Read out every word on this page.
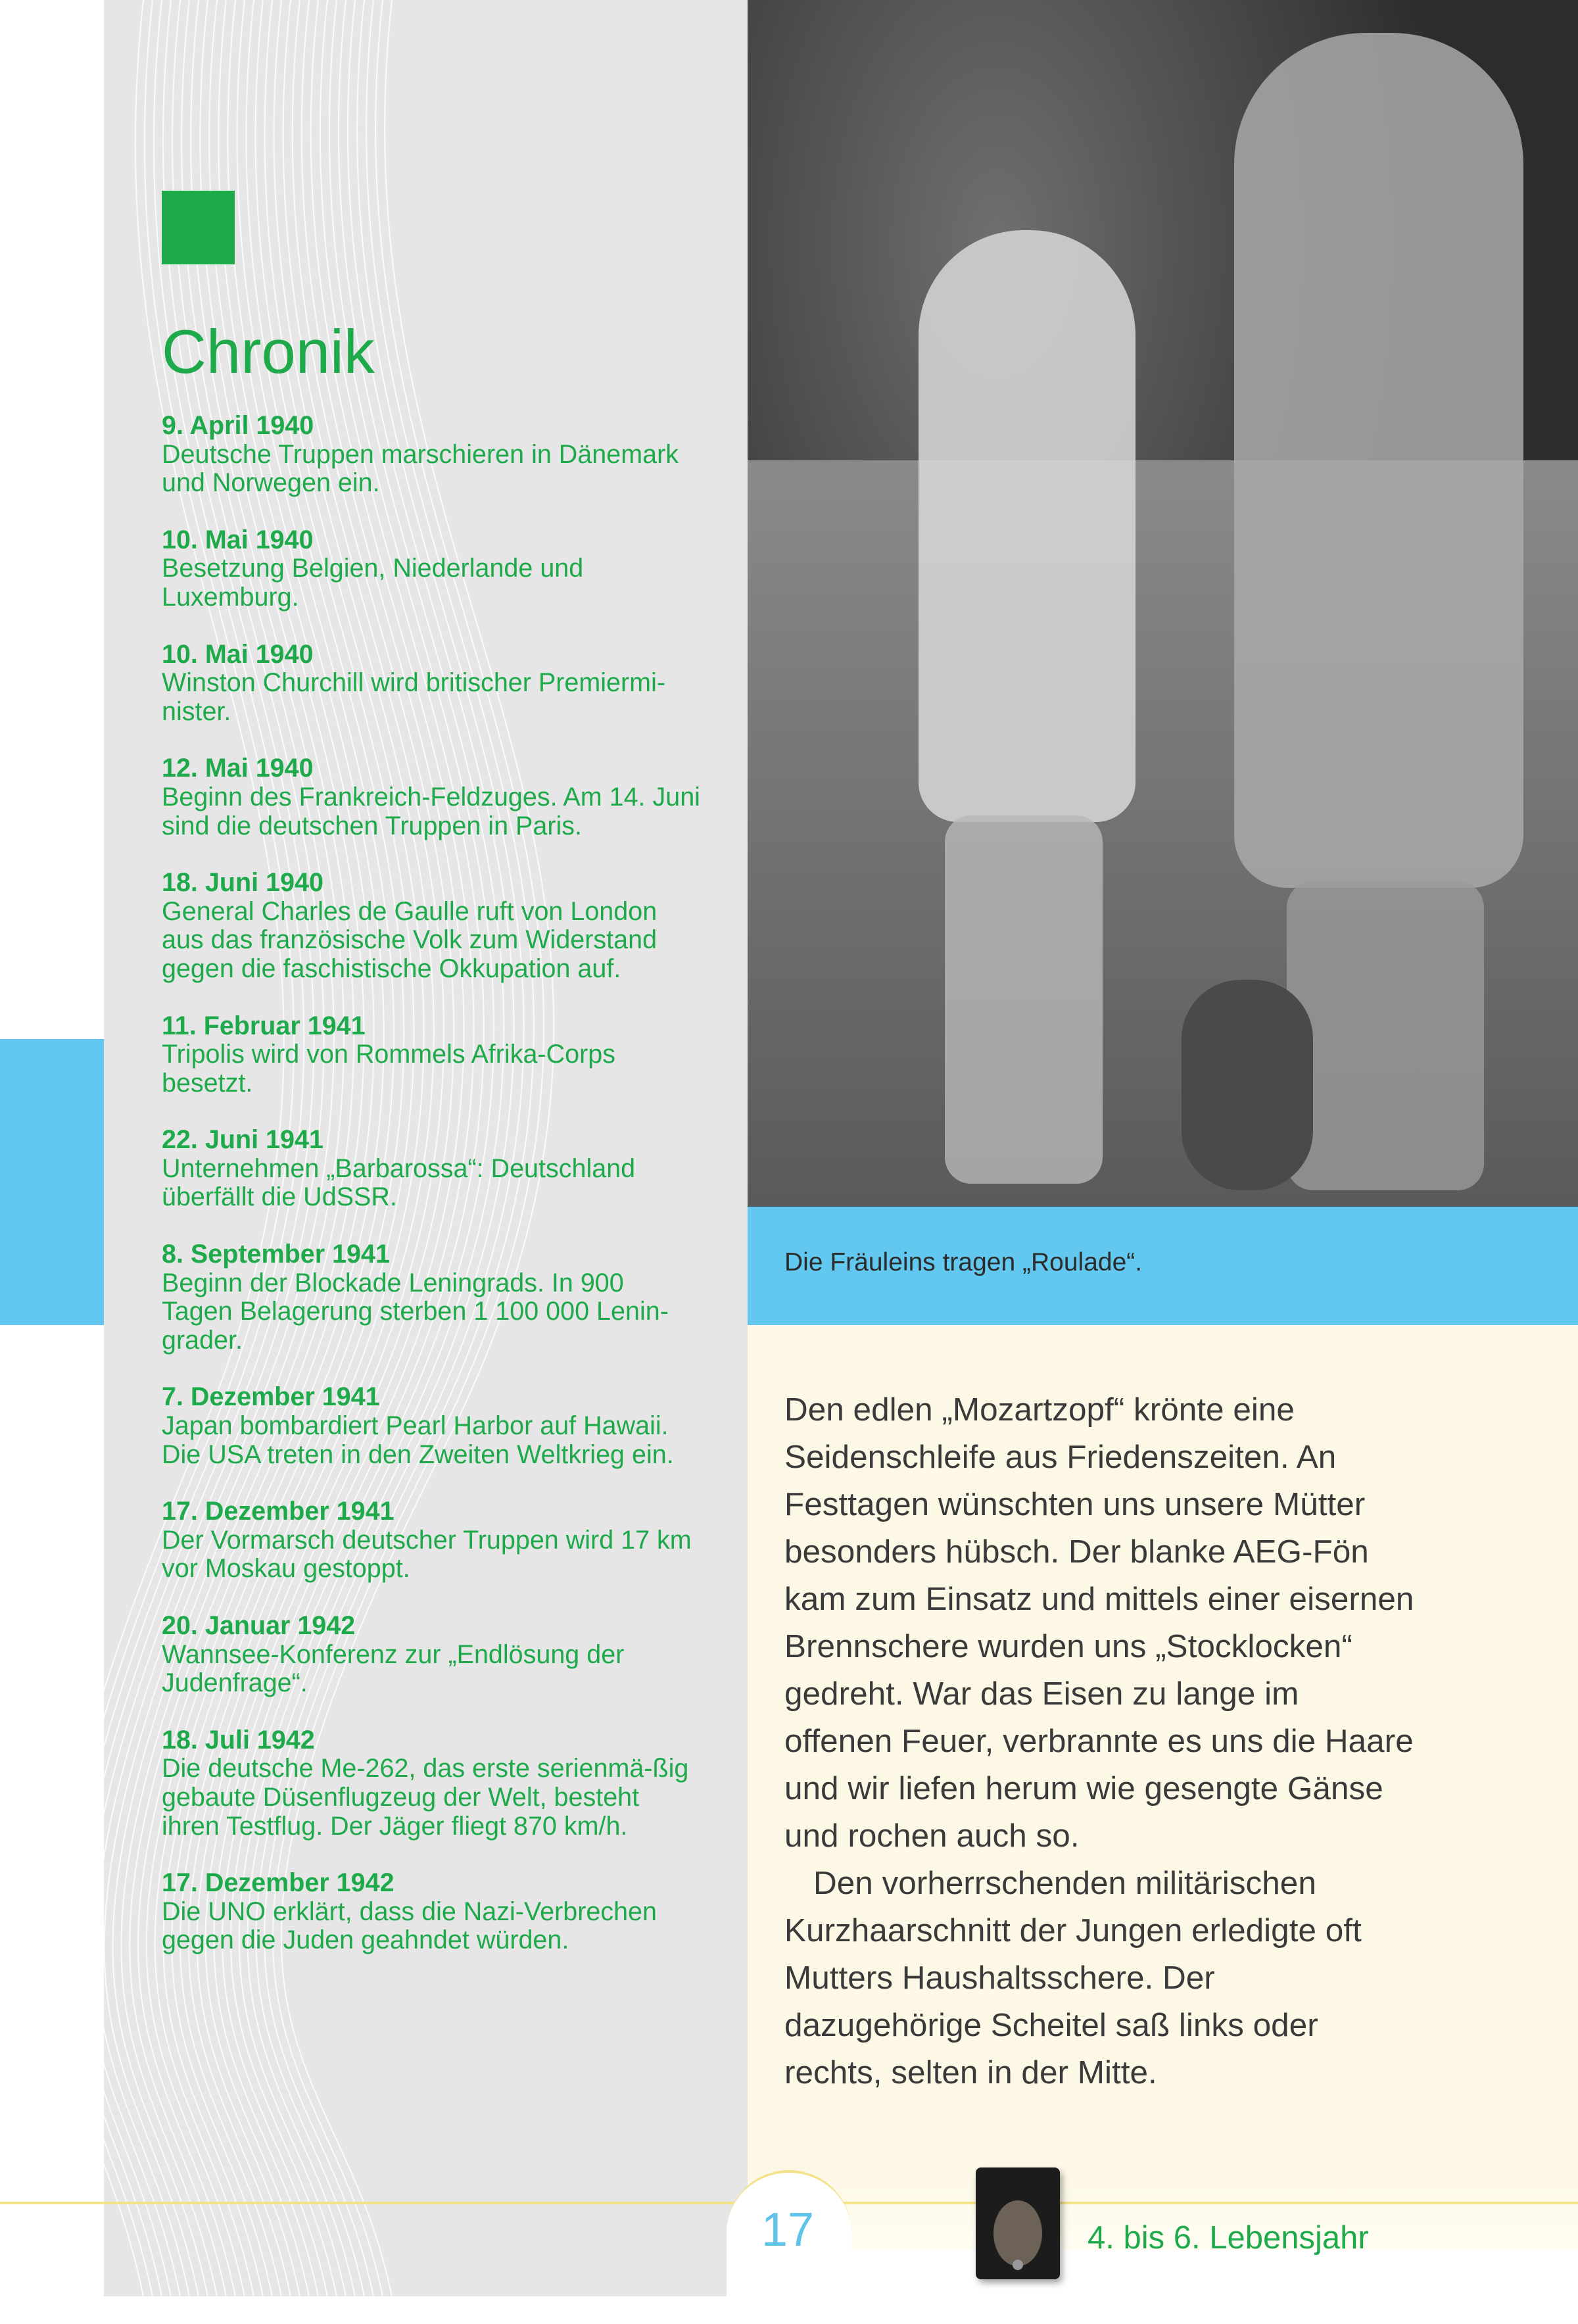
Chronik
9. April 1940
Deutsche Truppen marschieren in Dänemark und Norwegen ein.
10. Mai 1940
Besetzung Belgien, Niederlande und Luxemburg.
10. Mai 1940
Winston Churchill wird britischer Premiermi-nister.
12. Mai 1940
Beginn des Frankreich-Feldzuges. Am 14. Juni sind die deutschen Truppen in Paris.
18. Juni 1940
General Charles de Gaulle ruft von London aus das französische Volk zum Widerstand gegen die faschistische Okkupation auf.
11. Februar 1941
Tripolis wird von Rommels Afrika-Corps besetzt.
22. Juni 1941
Unternehmen „Barbarossa“: Deutschland überfällt die UdSSR.
8. September 1941
Beginn der Blockade Leningrads. In 900 Tagen Belagerung sterben 1 100 000 Lenin-grader.
7. Dezember 1941
Japan bombardiert Pearl Harbor auf Hawaii. Die USA treten in den Zweiten Weltkrieg ein.
17. Dezember 1941
Der Vormarsch deutscher Truppen wird 17 km vor Moskau gestoppt.
20. Januar 1942
Wannsee-Konferenz zur „Endlösung der Judenfrage“.
18. Juli 1942
Die deutsche Me-262, das erste serienmä-ßig gebaute Düsenflugzeug der Welt, besteht ihren Testflug. Der Jäger fliegt 870 km/h.
17. Dezember 1942
Die UNO erklärt, dass die Nazi-Verbrechen gegen die Juden geahndet würden.
Die Fräuleins tragen „Roulade“.

Den edlen „Mozartzopf“ krönte eine Seidenschleife aus Friedenszeiten. An Festtagen wünschten uns unsere Mütter besonders hübsch. Der blanke AEG-Fön kam zum Einsatz und mittels einer eisernen Brennschere wurden uns „Stocklocken“ gedreht. War das Eisen zu lange im offenen Feuer, verbrannte es uns die Haare und wir liefen herum wie gesengte Gänse und rochen auch so.

Den vorherrschenden militärischen Kurzhaarschnitt der Jungen erledigte oft Mutters Haushaltsschere. Der dazugehörige Scheitel saß links oder rechts, selten in der Mitte.

17	4. bis 6. Lebensjahr
